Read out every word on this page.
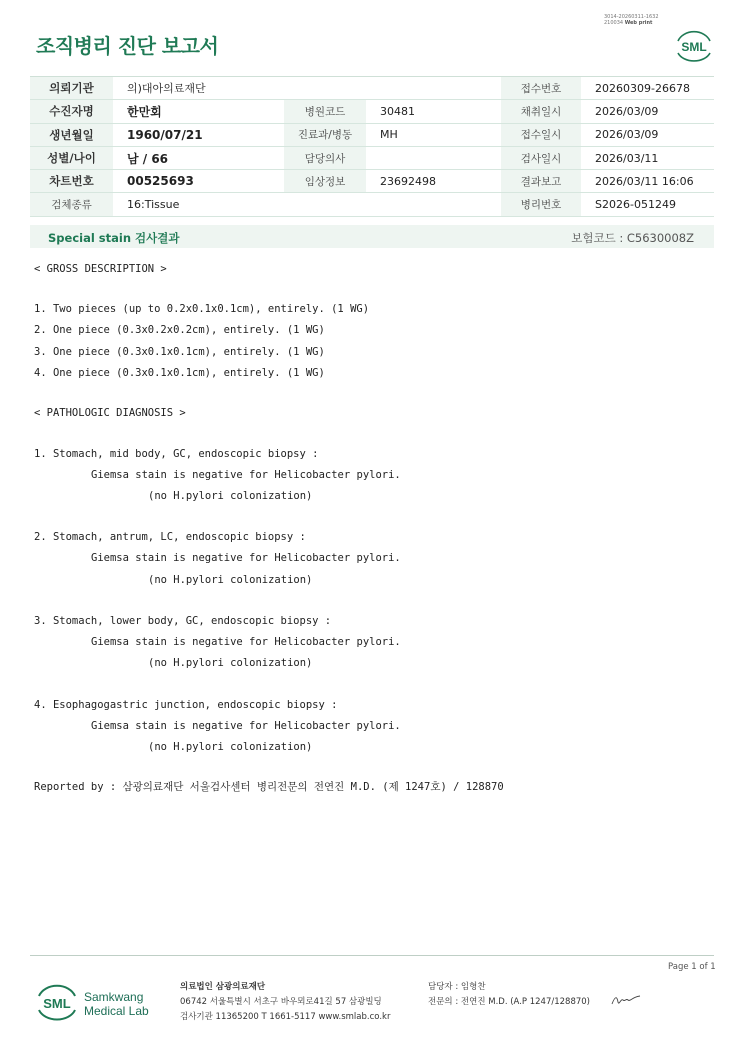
3014-20260311-1632
210034 Web print
조직병리 진단 보고서	SML
의뢰기관	의)대아의료재단			접수번호	20260309-26678
수진자명	한만회	병원코드	30481	채취일시	2026/03/09
생년월일	1960/07/21	진료과/병동	MH	접수일시	2026/03/09
성별/나이	남 / 66	담당의사		검사일시	2026/03/11
차트번호	00525693	임상정보	23692498	결과보고	2026/03/11 16:06
검체종류	16:Tissue			병리번호	S2026-051249
Special stain 검사결과	보험코드 : C5630008Z
< GROSS DESCRIPTION >
1. Two pieces (up to 0.2x0.1x0.1cm), entirely. (1 WG)
2. One piece (0.3x0.2x0.2cm), entirely. (1 WG)
3. One piece (0.3x0.1x0.1cm), entirely. (1 WG)
4. One piece (0.3x0.1x0.1cm), entirely. (1 WG)
< PATHOLOGIC DIAGNOSIS >
1. Stomach, mid body, GC, endoscopic biopsy :
Giemsa stain is negative for Helicobacter pylori.
(no H.pylori colonization)
2. Stomach, antrum, LC, endoscopic biopsy :
Giemsa stain is negative for Helicobacter pylori.
(no H.pylori colonization)
3. Stomach, lower body, GC, endoscopic biopsy :
Giemsa stain is negative for Helicobacter pylori.
(no H.pylori colonization)
4. Esophagogastric junction, endoscopic biopsy :
Giemsa stain is negative for Helicobacter pylori.
(no H.pylori colonization)
Reported by : 삼광의료재단 서울검사센터 병리전문의 전연진 M.D. (제 1247호) / 128870
Page 1 of 1
SML Samkwang
Medical Lab
의료법인 삼광의료재단
06742 서울특별시 서초구 바우뫼로41길 57 삼광빌딩
검사기관 11365200 T 1661-5117 www.smlab.co.kr
담당자 : 임형찬
전문의 : 전연진 M.D. (A.P 1247/128870)
